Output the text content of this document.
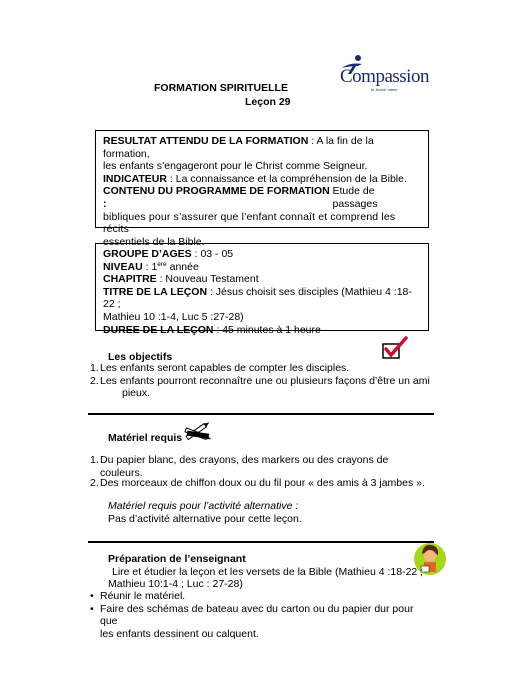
FORMATION SPIRITUELLE
Leçon 29
Compassion
in Jesus' name
RESULTAT ATTENDU DE LA FORMATION : A la fin de la formation,
les enfants s’engageront pour le Christ comme Seigneur.
INDICATEUR : La connaissance et la compréhension de la Bible.
CONTENU DU PROGRAMME DE FORMATION :
Etude de passages
bibliques pour s’assurer que l’enfant connaît et comprend les récits
essentiels de la Bible.
GROUPE D’AGES : 03 - 05
NIVEAU : 1ère année
CHAPITRE : Nouveau Testament
TITRE DE LA LEÇON : Jésus choisit ses disciples (Mathieu 4 :18-22 ;
Mathieu 10 :1-4, Luc 5 :27-28)
DUREE DE LA LEÇON : 45 minutes à 1 heure
Les objectifs
1. Les enfants seront capables de compter les disciples.
2. Les enfants pourront reconnaître une ou plusieurs façons d’être un ami
pieux.
Matériel requis
1. Du papier blanc, des crayons, des markers ou des crayons de couleurs.
2. Des morceaux de chiffon doux ou du fil pour « des amis à 3 jambes ».
Matériel requis pour l’activité alternative :
Pas d’activité alternative pour cette leçon.
Préparation de l’enseignant
Lire et étudier la leçon et les versets de la Bible (Mathieu 4 :18-22 ;
Mathieu 10:1-4 ; Luc : 27-28)
• Réunir le matériel.
• Faire des schémas de bateau avec du carton ou du papier dur pour que
les enfants dessinent ou calquent.
